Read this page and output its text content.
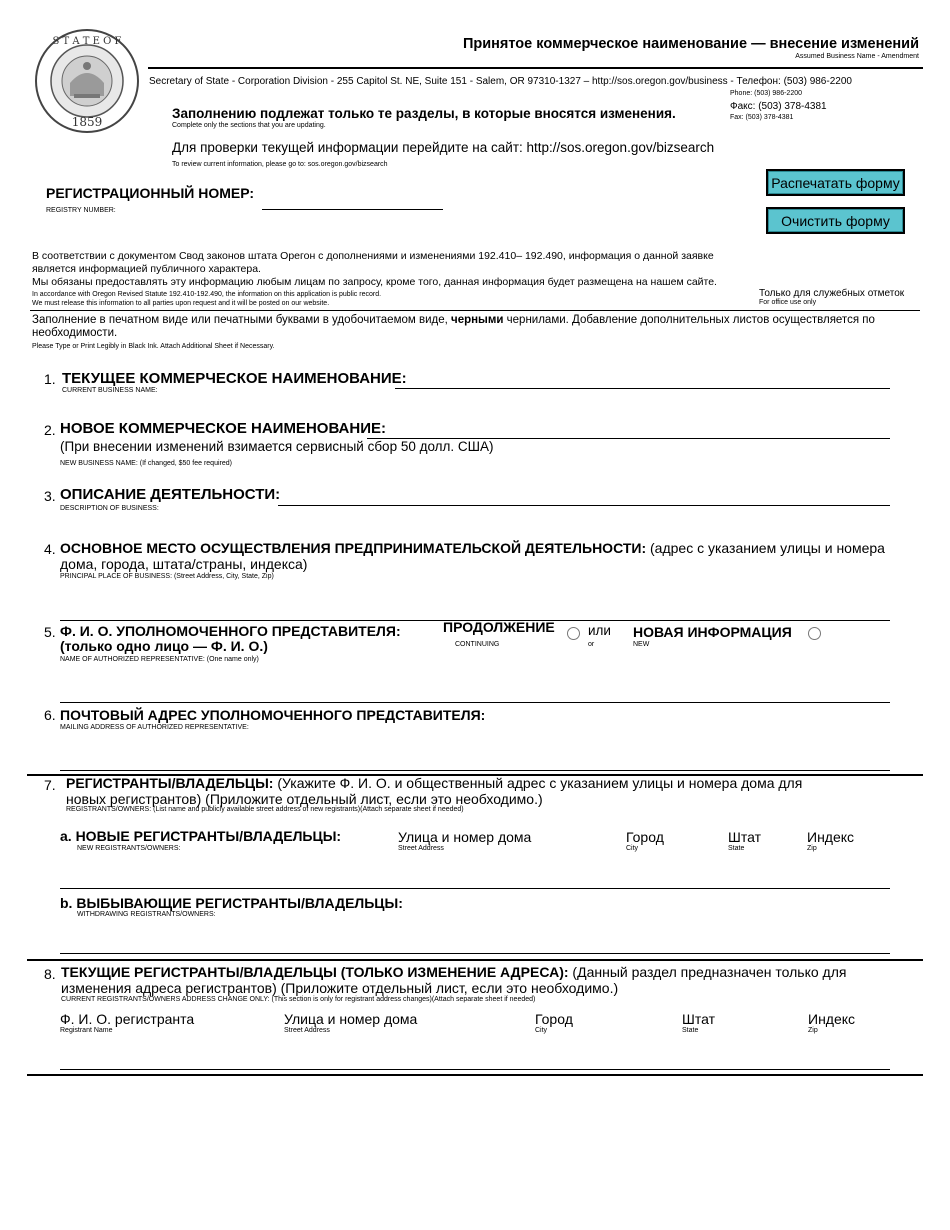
S T A T E O F
1859
Принятое коммерческое наименование — внесение изменений
Assumed Business Name - Amendment
Secretary of State - Corporation Division - 255 Capitol St. NE, Suite 151 - Salem, OR 97310-1327 – http://sos.oregon.gov/business - Телефон: (503) 986-2200
Phone: (503) 986-2200
Факс: (503) 378-4381
Fax: (503) 378-4381
Заполнению подлежат только те разделы, в которые вносятся изменения.
Complete only the sections that you are updating.
Для проверки текущей информации перейдите на сайт: http://sos.oregon.gov/bizsearch
To review current information, please go to: sos.oregon.gov/bizsearch
Распечатать форму
Очистить форму
РЕГИСТРАЦИОННЫЙ НОМЕР:
REGISTRY NUMBER:
В соответствии с документом Свод законов штата Орегон с дополнениями и изменениями 192.410– 192.490, информация о данной заявке
является информацией публичного характера.
Мы обязаны предоставлять эту информацию любым лицам по запросу, кроме того, данная информация будет размещена на нашем сайте.
In accordance with Oregon Revised Statute 192.410-192.490, the information on this application is public record.
We must release this information to all parties upon request and it will be posted on our website.
Только для служебных отметок
For office use only
Заполнение в печатном виде или печатными буквами в удобочитаемом виде, черными чернилами. Добавление дополнительных листов осуществляется по необходимости.
Please Type or Print Legibly in Black Ink. Attach Additional Sheet if Necessary.
1. ТЕКУЩЕЕ КОММЕРЧЕСКОЕ НАИМЕНОВАНИЕ:
CURRENT BUSINESS NAME:
2. НОВОЕ КОММЕРЧЕСКОЕ НАИМЕНОВАНИЕ:
(При внесении изменений взимается сервисный сбор 50 долл. США)
NEW BUSINESS NAME: (If changed, $50 fee required)
3. ОПИСАНИЕ ДЕЯТЕЛЬНОСТИ:
DESCRIPTION OF BUSINESS:
4. ОСНОВНОЕ МЕСТО ОСУЩЕСТВЛЕНИЯ ПРЕДПРИНИМАТЕЛЬСКОЙ ДЕЯТЕЛЬНОСТИ: (адрес с указанием улицы и номера
дома, города, штата/страны, индекса)
PRINCIPAL PLACE OF BUSINESS: (Street Address, City, State, Zip)
5. Ф. И. О. УПОЛНОМОЧЕННОГО ПРЕДСТАВИТЕЛЯ:
(только одно лицо — Ф. И. О.)
NAME OF AUTHORIZED REPRESENTATIVE: (One name only)
ПРОДОЛЖЕНИЕ
CONTINUING
или
or
НОВАЯ ИНФОРМАЦИЯ
NEW
6. ПОЧТОВЫЙ АДРЕС УПОЛНОМОЧЕННОГО ПРЕДСТАВИТЕЛЯ:
MAILING ADDRESS OF AUTHORIZED REPRESENTATIVE:
7. РЕГИСТРАНТЫ/ВЛАДЕЛЬЦЫ: (Укажите Ф. И. О. и общественный адрес с указанием улицы и номера дома для
новых регистрантов) (Приложите отдельный лист, если это необходимо.)
REGISTRANTS/OWNERS: (List name and publicly available street address of new registrants)(Attach separate sheet if needed)
a. НОВЫЕ РЕГИСТРАНТЫ/ВЛАДЕЛЬЦЫ:
NEW REGISTRANTS/OWNERS:
Улица и номер дома
Street Address
Город
City
Штат
State
Индекс
Zip
b. ВЫБЫВАЮЩИЕ РЕГИСТРАНТЫ/ВЛАДЕЛЬЦЫ:
WITHDRAWING REGISTRANTS/OWNERS:
8. ТЕКУЩИЕ РЕГИСТРАНТЫ/ВЛАДЕЛЬЦЫ (ТОЛЬКО ИЗМЕНЕНИЕ АДРЕСА): (Данный раздел предназначен только для
изменения адреса регистрантов) (Приложите отдельный лист, если это необходимо.)
CURRENT REGISTRANTS/OWNERS ADDRESS CHANGE ONLY: (This section is only for registrant address changes)(Attach separate sheet if needed)
Ф. И. О. регистранта
Registrant Name
Улица и номер дома
Street Address
Город
City
Штат
State
Индекс
Zip
